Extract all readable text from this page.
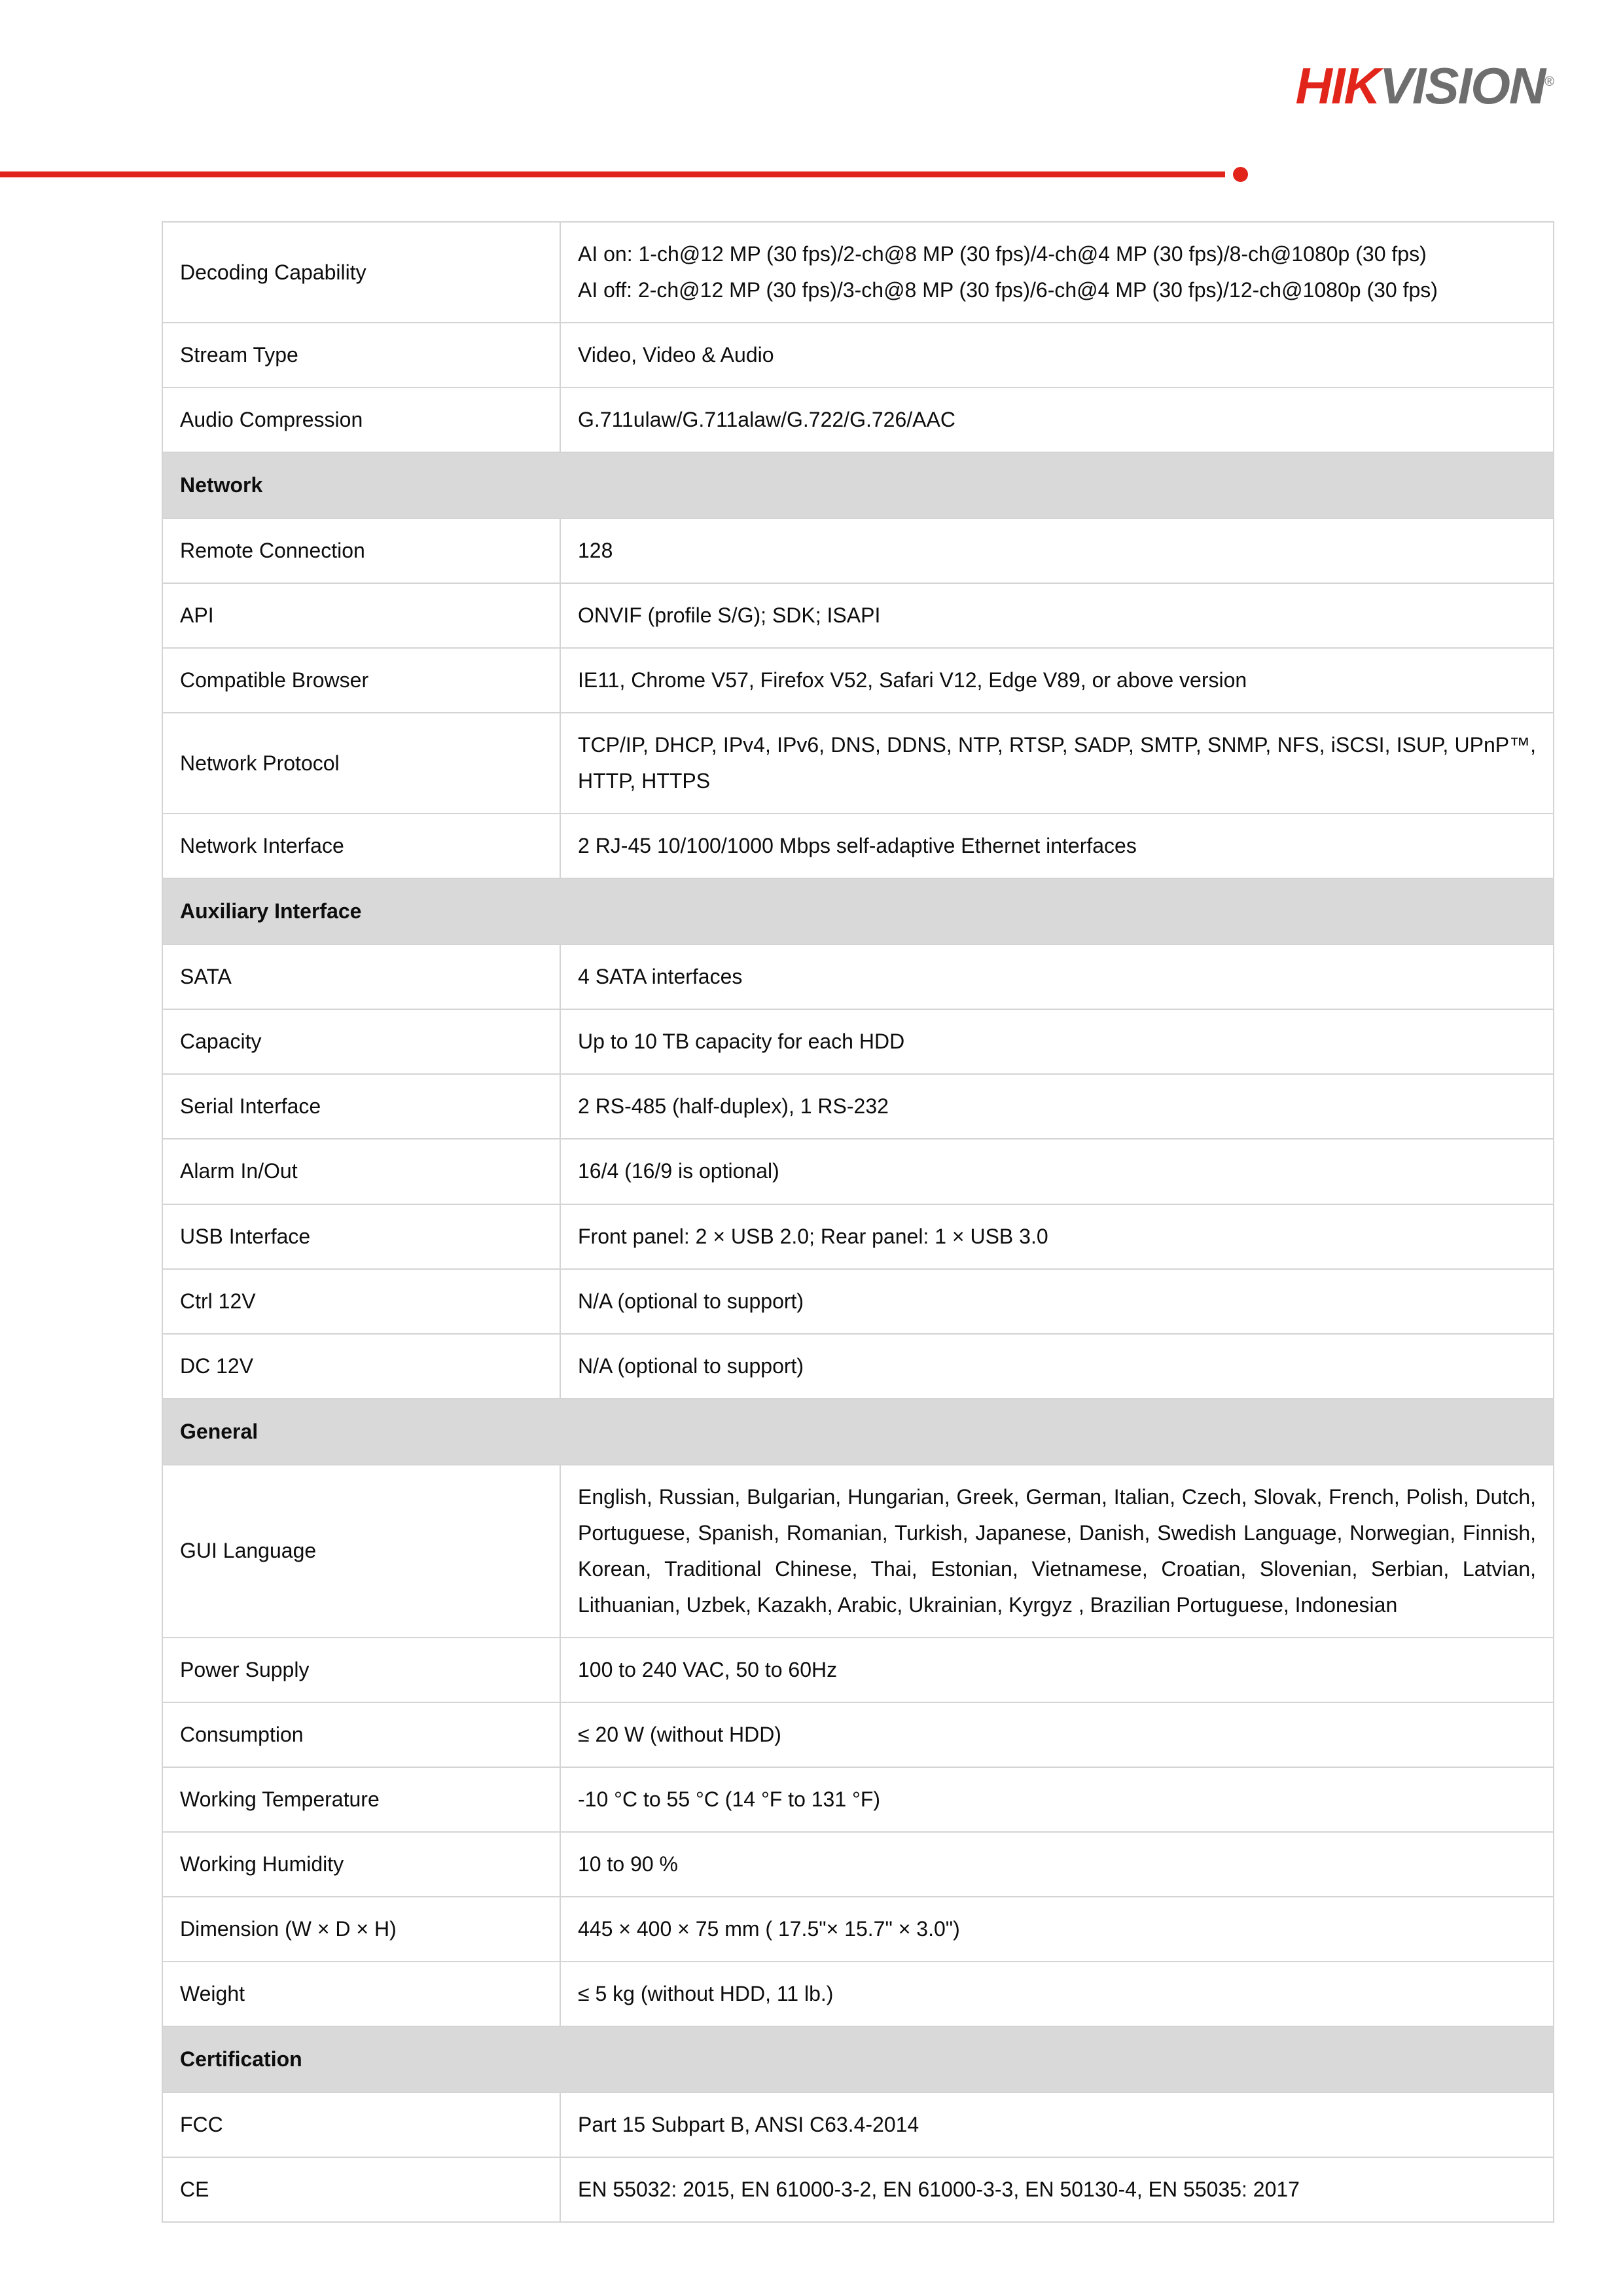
HIKVISION®
Decoding Capability	AI on: 1-ch@12 MP (30 fps)/2-ch@8 MP (30 fps)/4-ch@4 MP (30 fps)/8-ch@1080p (30 fps)
AI off: 2-ch@12 MP (30 fps)/3-ch@8 MP (30 fps)/6-ch@4 MP (30 fps)/12-ch@1080p (30 fps)

Stream Type	Video, Video & Audio
Audio Compression	G.711ulaw/G.711alaw/G.722/G.726/AAC
Network	
Remote Connection	128
API	ONVIF (profile S/G); SDK; ISAPI
Compatible Browser	IE11, Chrome V57, Firefox V52, Safari V12, Edge V89, or above version
Network Protocol	TCP/IP, DHCP, IPv4, IPv6, DNS, DDNS, NTP, RTSP, SADP, SMTP, SNMP, NFS, iSCSI, ISUP, UPnP™, HTTP, HTTPS
Network Interface	2 RJ-45 10/100/1000 Mbps self-adaptive Ethernet interfaces
Auxiliary Interface	
SATA	4 SATA interfaces
Capacity	Up to 10 TB capacity for each HDD
Serial Interface	2 RS-485 (half-duplex), 1 RS-232
Alarm In/Out	16/4 (16/9 is optional)
USB Interface	Front panel: 2 × USB 2.0; Rear panel: 1 × USB 3.0
Ctrl 12V	N/A (optional to support)
DC 12V	N/A (optional to support)
General	
GUI Language	English, Russian, Bulgarian, Hungarian, Greek, German, Italian, Czech, Slovak, French, Polish, Dutch, Portuguese, Spanish, Romanian, Turkish, Japanese, Danish, Swedish Language, Norwegian, Finnish, Korean, Traditional Chinese, Thai, Estonian, Vietnamese, Croatian, Slovenian, Serbian, Latvian, Lithuanian, Uzbek, Kazakh, Arabic, Ukrainian, Kyrgyz , Brazilian Portuguese, Indonesian
Power Supply	100 to 240 VAC, 50 to 60Hz
Consumption	≤ 20 W (without HDD)
Working Temperature	-10 °C to 55 °C (14 °F to 131 °F)
Working Humidity	10 to 90 %
Dimension (W × D × H)	445 × 400 × 75 mm ( 17.5"× 15.7" × 3.0")
Weight	≤ 5 kg (without HDD, 11 lb.)
Certification	
FCC	Part 15 Subpart B, ANSI C63.4-2014
CE	EN 55032: 2015, EN 61000-3-2, EN 61000-3-3, EN 50130-4, EN 55035: 2017
